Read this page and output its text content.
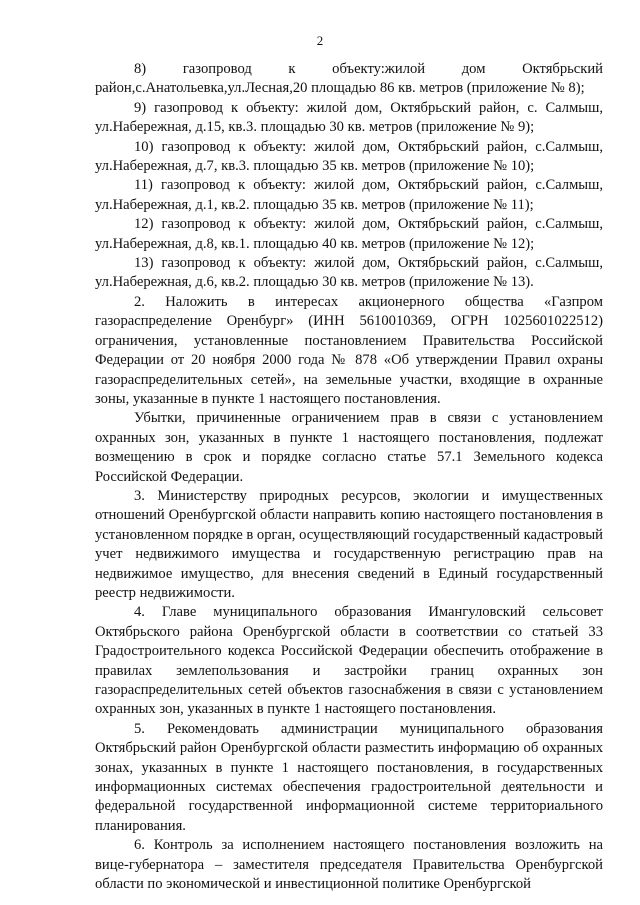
2

8) газопровод к объекту:жилой дом Октябрьский район,с.Анатольевка,ул.Лесная,20 площадью 86 кв. метров (приложение № 8);

9) газопровод к объекту: жилой дом, Октябрьский район, с. Салмыш, ул.Набережная, д.15, кв.3. площадью 30 кв. метров (приложение № 9);

10) газопровод к объекту: жилой дом, Октябрьский район, с.Салмыш, ул.Набережная, д.7, кв.3. площадью 35 кв. метров (приложение № 10);

11) газопровод к объекту: жилой дом, Октябрьский район, с.Салмыш, ул.Набережная, д.1, кв.2. площадью 35 кв. метров (приложение № 11);

12) газопровод к объекту: жилой дом, Октябрьский район, с.Салмыш, ул.Набережная, д.8, кв.1. площадью 40 кв. метров (приложение № 12);

13) газопровод к объекту: жилой дом, Октябрьский район, с.Салмыш, ул.Набережная, д.6, кв.2. площадью 30 кв. метров (приложение № 13).

2. Наложить в интересах акционерного общества «Газпром газораспределение Оренбург» (ИНН 5610010369, ОГРН 1025601022512) ограничения, установленные постановлением Правительства Российской Федерации от 20 ноября 2000 года № 878 «Об утверждении Правил охраны газораспределительных сетей», на земельные участки, входящие в охранные зоны, указанные в пункте 1 настоящего постановления.

Убытки, причиненные ограничением прав в связи с установлением охранных зон, указанных в пункте 1 настоящего постановления, подлежат возмещению в срок и порядке согласно статье 57.1 Земельного кодекса Российской Федерации.

3. Министерству природных ресурсов, экологии и имущественных отношений Оренбургской области направить копию настоящего постановления в установленном порядке в орган, осуществляющий государственный кадастровый учет недвижимого имущества и государственную регистрацию прав на недвижимое имущество, для внесения сведений в Единый государственный реестр недвижимости.

4. Главе муниципального образования Имангуловский сельсовет Октябрьского района Оренбургской области в соответствии со статьей 33 Градостроительного кодекса Российской Федерации обеспечить отображение в правилах землепользования и застройки границ охранных зон газораспределительных сетей объектов газоснабжения в связи с установлением охранных зон, указанных в пункте 1 настоящего постановления.

5. Рекомендовать администрации муниципального образования Октябрьский район Оренбургской области разместить информацию об охранных зонах, указанных в пункте 1 настоящего постановления, в государственных информационных системах обеспечения градостроительной деятельности и федеральной государственной информационной системе территориального планирования.

6. Контроль за исполнением настоящего постановления возложить на вице-губернатора – заместителя председателя Правительства Оренбургской области по экономической и инвестиционной политике Оренбургской
